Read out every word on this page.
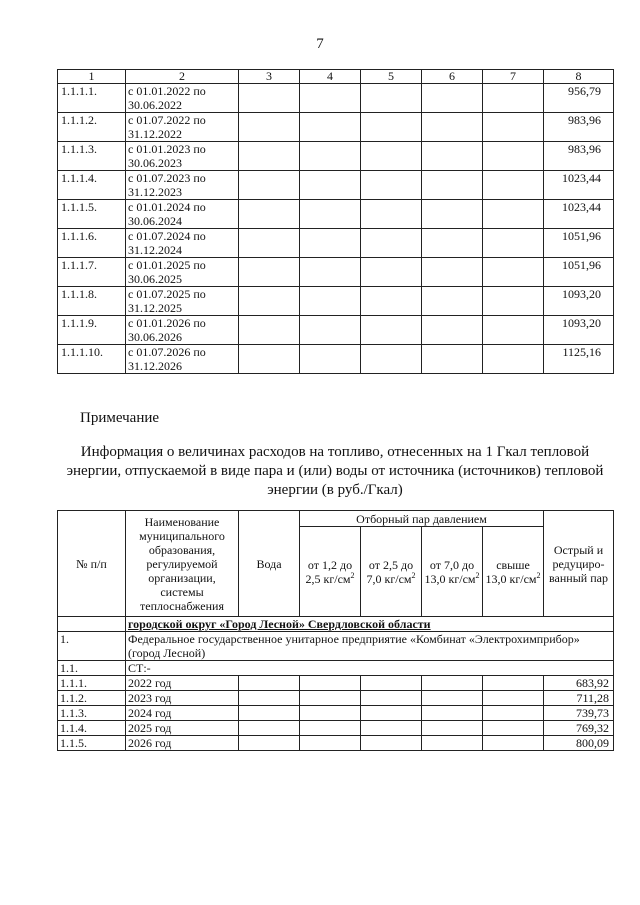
7
1	2	3	4	5	6	7	8
1.1.1.1.	с 01.01.2022 по 30.06.2022						956,79
1.1.1.2.	с 01.07.2022 по 31.12.2022						983,96
1.1.1.3.	с 01.01.2023 по 30.06.2023						983,96
1.1.1.4.	с 01.07.2023 по 31.12.2023						1023,44
1.1.1.5.	с 01.01.2024 по 30.06.2024						1023,44
1.1.1.6.	с 01.07.2024 по 31.12.2024						1051,96
1.1.1.7.	с 01.01.2025 по 30.06.2025						1051,96
1.1.1.8.	с 01.07.2025 по 31.12.2025						1093,20
1.1.1.9.	с 01.01.2026 по 30.06.2026						1093,20
1.1.1.10.	с 01.07.2026 по 31.12.2026						1125,16
Примечание
Информация о величинах расходов на топливо, отнесенных на 1 Гкал тепловой энергии, отпускаемой в виде пара и (или) воды от источника (источников) тепловой энергии (в руб./Гкал)
№ п/п	Наименование муниципального образования, регулируемой организации, системы теплоснабжения	Вода	Отборный пар давлением				Острый и редуциро-ванный пар
			от 1,2 до 2,5 $кг/см^2$	от 2,5 до 7,0 $кг/см^2$	от 7,0 до 13,0 $кг/см^2$	свыше 13,0 $кг/см^2$
	городской округ «Город Лесной» Свердловской области						
1.	Федеральное государственное унитарное предприятие «Комбинат «Электрохимприбор» (город Лесной)						
1.1.	СТ:-						
1.1.1.	2022 год						683,92
1.1.2.	2023 год						711,28
1.1.3.	2024 год						739,73
1.1.4.	2025 год						769,32
1.1.5.	2026 год						800,09
